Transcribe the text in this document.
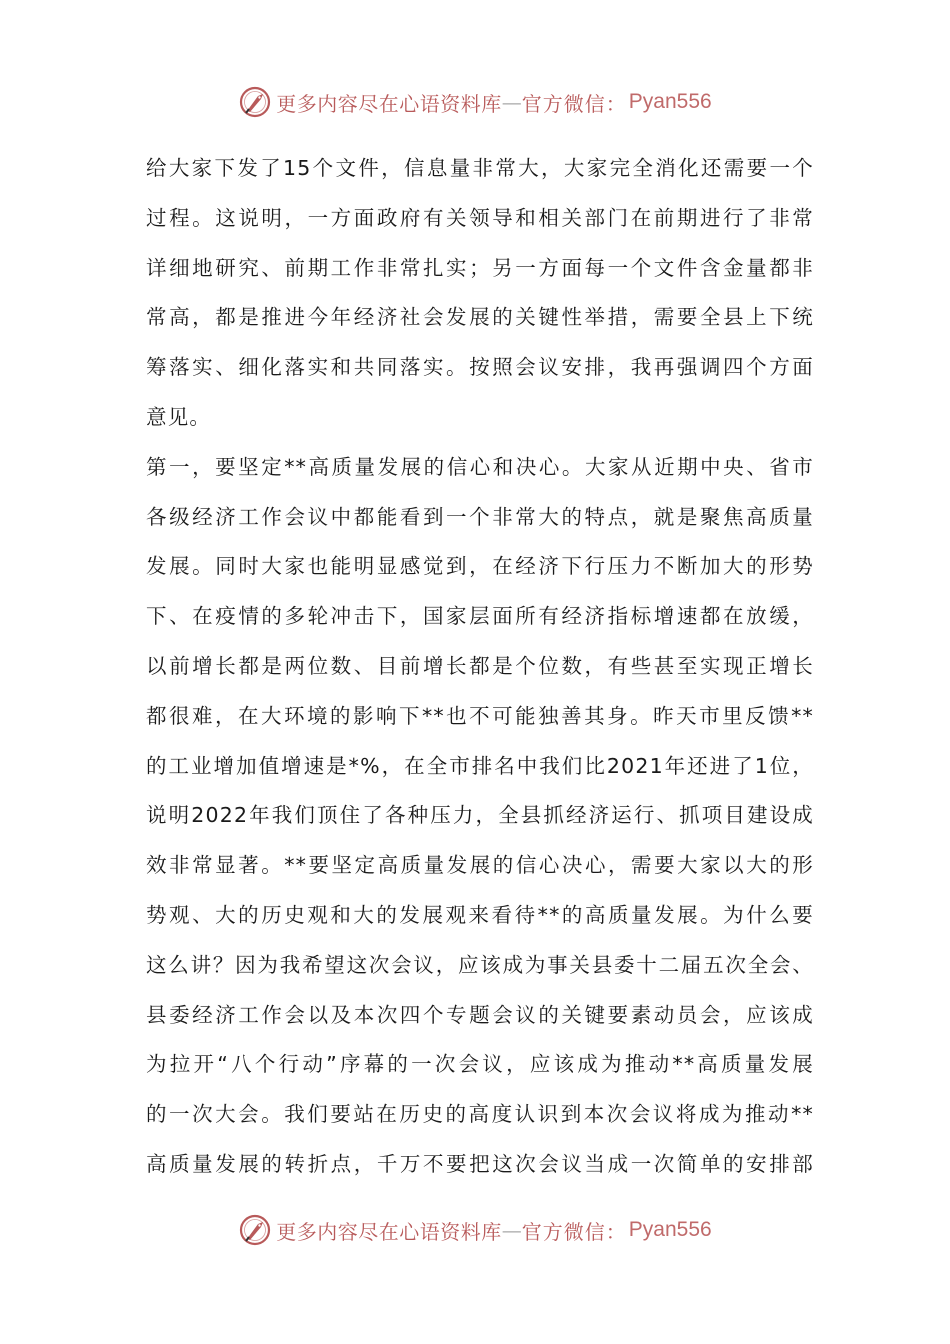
更多内容尽在心语资料库 — 官方微信： Pyan556
给大家下发了15个文件，信息量非常大，大家完全消化还需要一个
过程。这说明，一方面政府有关领导和相关部门在前期进行了非常
详细地研究、前期工作非常扎实；另一方面每一个文件含金量都非
常高，都是推进今年经济社会发展的关键性举措，需要全县上下统
筹落实、细化落实和共同落实。按照会议安排，我再强调四个方面
意见。
第一，要坚定**高质量发展的信心和决心。大家从近期中央、省市
各级经济工作会议中都能看到一个非常大的特点，就是聚焦高质量
发展。同时大家也能明显感觉到，在经济下行压力不断加大的形势
下、在疫情的多轮冲击下，国家层面所有经济指标增速都在放缓，
以前增长都是两位数、目前增长都是个位数，有些甚至实现正增长
都很难，在大环境的影响下**也不可能独善其身。昨天市里反馈**
的工业增加值增速是*%，在全市排名中我们比2021年还进了1位，
说明2022年我们顶住了各种压力，全县抓经济运行、抓项目建设成
效非常显著。**要坚定高质量发展的信心决心，需要大家以大的形
势观、大的历史观和大的发展观来看待**的高质量发展。为什么要
这么讲？因为我希望这次会议，应该成为事关县委十二届五次全会、
县委经济工作会以及本次四个专题会议的关键要素动员会，应该成
为拉开“八个行动”序幕的一次会议，应该成为推动**高质量发展
的一次大会。我们要站在历史的高度认识到本次会议将成为推动**
高质量发展的转折点，千万不要把这次会议当成一次简单的安排部
更多内容尽在心语资料库 — 官方微信： Pyan556
